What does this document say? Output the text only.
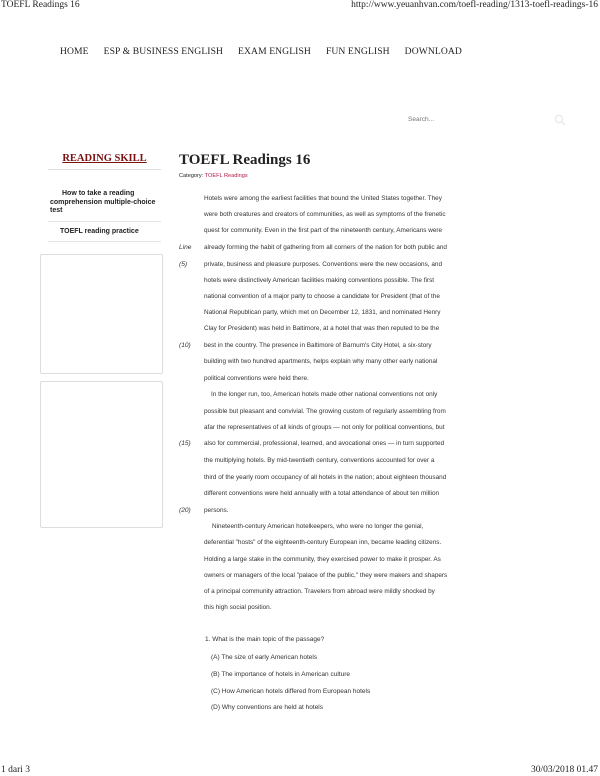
TOEFL Readings 16	http://www.yeuanhvan.com/toefl-reading/1313-toefl-readings-16
HOME ESP & BUSINESS ENGLISH EXAM ENGLISH FUN ENGLISH DOWNLOAD
Search...
READING SKILL
How to take a reading
comprehension multiple-choice
test
TOEFL reading practice
TOEFL Readings 16
Category: TOEFL Readings
Hotels were among the earliest facilities that bound the United States together. They
were both creatures and creators of communities, as well as symptoms of the frenetic
quest for community. Even in the first part of the nineteenth century, Americans were
already forming the habit of gathering from all corners of the nation for both public and
private, business and pleasure purposes. Conventions were the new occasions, and
hotels were distinctively American facilities making conventions possible. The first
national convention of a major party to choose a candidate for President (that of the
National Republican party, which met on December 12, 1831, and nominated Henry
Clay for President) was held in Baltimore, at a hotel that was then reputed to be the
best in the country. The presence in Baltimore of Barnum's City Hotel, a six-story
building with two hundred apartments, helps explain why many other early national
political conventions were held there.
In the longer run, too, American hotels made other national conventions not only
possible but pleasant and convivial. The growing custom of regularly assembling from
afar the representatives of all kinds of groups — not only for political conventions, but
also for commercial, professional, learned, and avocational ones — in turn supported
the multiplying hotels. By mid-twentieth century, conventions accounted for over a
third of the yearly room occupancy of all hotels in the nation; about eighteen thousand
different conventions were held annually with a total attendance of about ten million
persons.
Nineteenth-century American hotelkeepers, who were no longer the genial,
deferential "hosts" of the eighteenth-century European inn, became leading citizens.
Holding a large stake in the community, they exercised power to make it prosper. As
owners or managers of the local "palace of the public," they were makers and shapers
of a principal community attraction. Travelers from abroad were mildly shocked by
this high social position.
Line
(5)
(10)
(15)
(20)
1. What is the main topic of the passage?
(A) The size of early American hotels
(B) The importance of hotels in American culture
(C) How American hotels differed from European hotels
(D) Why conventions are held at hotels
1 dari 3	30/03/2018 01.47
